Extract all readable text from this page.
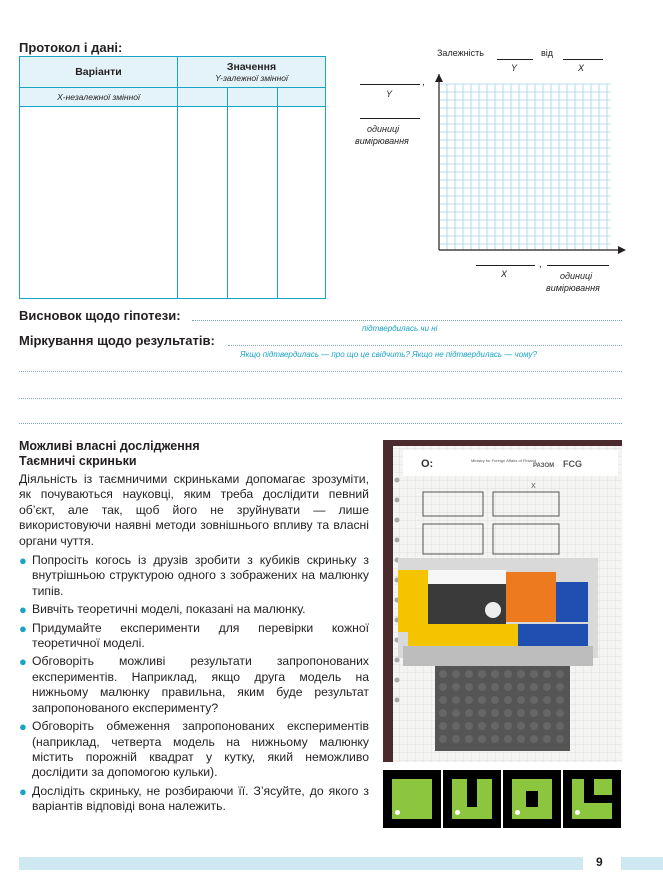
Протокол і дані:
Варіанти	Значення
Y-залежної змінної		

X-незалежної змінної			

Залежність
Y
від
X
,
Y
одиниці
вимірювання
X
,
одиниці
вимірювання
Висновок щодо гіпотези:
підтвердилась чи ні
Міркування щодо результатів:
Якщо підтвердилась — про що це свідчить? Якщо не підтвердилась — чому?
Можливі власні дослідження
Таємничі скриньки
Діяльність із таємничими скриньками допомагає зрозуміти, як почуваються науковці, яким треба дослідити певний об’єкт, але так, щоб його не зруйнувати — лише використовуючи наявні методи зовнішнього впливу та власні органи чуття.
● Попросіть когось із друзів зробити з кубиків скриньку з внутрішньою структурою одного з зображених на малюнку типів.
● Вивчіть теоретичні моделі, показані на малюнку.
● Придумайте експерименти для перевірки кожної теоретичної моделі.
● Обговоріть можливі результати запропонованих експериментів. Наприклад, якщо друга модель на нижньому малюнку правильна, яким буде результат запропонованого експерименту?
● Обговоріть обмеження запропонованих експериментів (наприклад, четверта модель на нижньому малюнку містить порожній квадрат у кутку, який неможливо дослідити за допомогою кульки).
● Дослідіть скриньку, не розбираючи її. З’ясуйте, до якого з варіантів відповіді вона належить.
O:	Ministry for Foreign Affairs of Finland
РАЗОМ FCG
X
9
